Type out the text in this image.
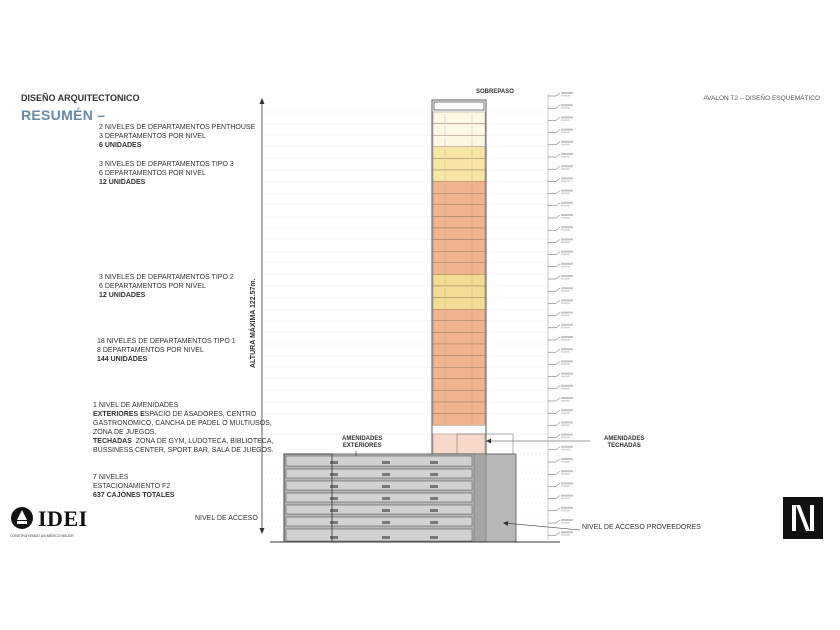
DISEÑO ARQUITECTONICO
RESUMÉN –
AVALON T2 – DISEÑO ESQUEMÁTICO
2 NIVELES DE DEPARTAMENTOS PENTHOUSE
3 DEPARTAMENTOS POR NIVEL
6 UNIDADES
3 NIVELES DE DEPARTAMENTOS TIPO 3
6 DEPARTAMENTOS POR NIVEL
12 UNIDADES
3 NIVELES DE DEPARTAMENTOS TIPO 2
6 DEPARTAMENTOS POR NIVEL
12 UNIDADES
18 NIVELES DE DEPARTAMENTOS TIPO 1
8 DEPARTAMENTOS POR NIVEL
144 UNIDADES
1 NIVEL DE AMENIDADES
EXTERIORES ESPACIO DE ASADORES, CENTRO
GASTRONOMICO, CANCHA DE PADEL O MULTIUSOS,
ZONA DE JUEGOS.
TECHADAS ZONA DE GYM, LUDOTECA, BIBLIOTECA,
BUSSINESS CENTER, SPORT BAR, SALA DE JUEGOS.
7 NIVELES
ESTACIONAMIENTO F2
637 CAJONES TOTALES
ALTURA MÁXIMA 122.57m.
SOBREPASO
AMENIDADES
EXTERIORES
AMENIDADES
TECHADAS
NIVEL DE ACCESO
NIVEL DE ACCESO PROVEEDORES
IDEI
CONSTRUYENDO UN MÉXICO MEJOR
